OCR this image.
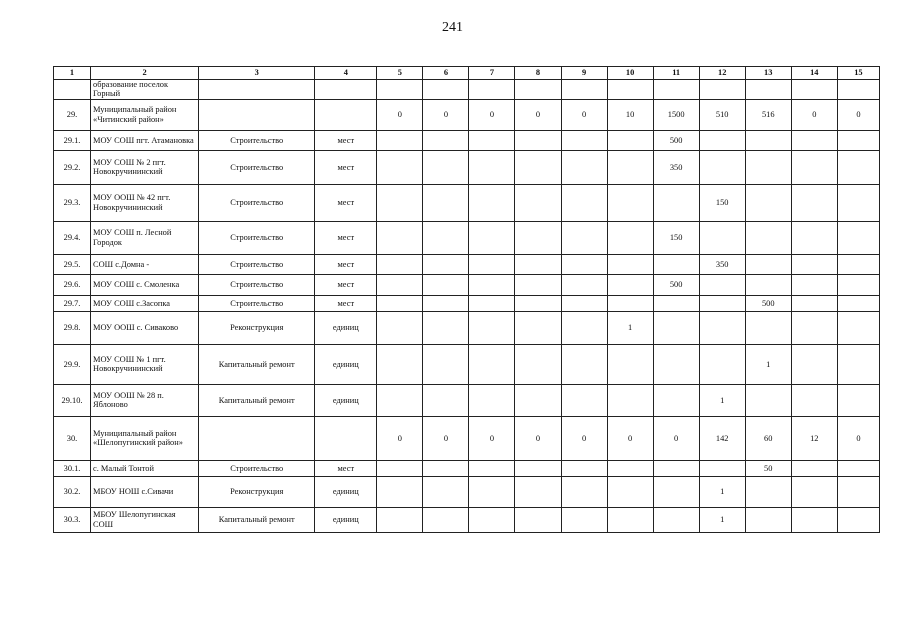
241
1	2	3	4	5	6	7	8	9	10	11	12	13	14	15
	образование поселок Горный													
29.	Муниципальный район «Читинский район»			0	0	0	0	0	10	1500	510	516	0	0
29.1.	МОУ СОШ пгт. Атамановка	Строительство	мест							500				
29.2.	МОУ СОШ № 2 пгт. Новокручининский	Строительство	мест							350				
29.3.	МОУ ООШ № 42 пгт. Новокручининский	Строительство	мест								150			
29.4.	МОУ СОШ п. Лесной Городок	Строительство	мест							150				
29.5.	СОШ с.Домна -	Строительство	мест								350			
29.6.	МОУ СОШ с. Смоленка	Строительство	мест							500				
29.7.	МОУ СОШ с.Засопка	Строительство	мест									500		
29.8.	МОУ ООШ с. Сиваково	Реконструкция	единиц						1					
29.9.	МОУ СОШ № 1 пгт. Новокручининский	Капитальный ремонт	единиц									1		
29.10.	МОУ ООШ № 28 п. Яблоново	Капитальный ремонт	единиц								1			
30.	Муниципальный район «Шелопугинский район»			0	0	0	0	0	0	0	142	60	12	0
30.1.	с. Малый Тонтой	Строительство	мест									50		
30.2.	МБОУ НОШ с.Сивачи	Реконструкция	единиц								1			
30.3.	МБОУ Шелопугинская СОШ	Капитальный ремонт	единиц								1			
